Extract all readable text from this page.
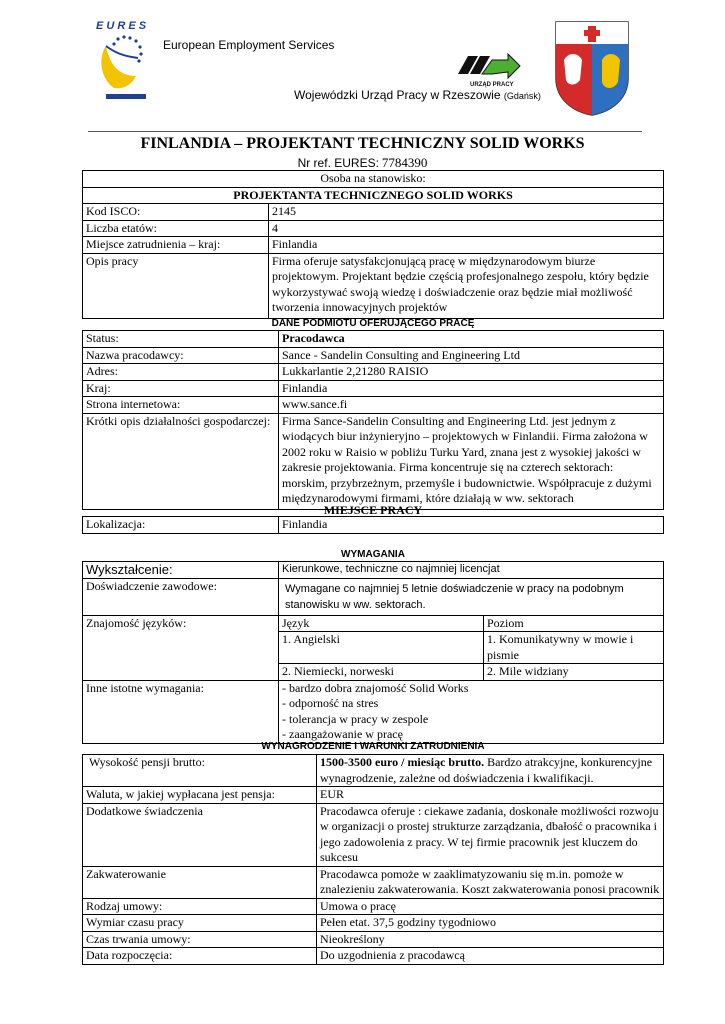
E U R E S
European Employment Services
URZĄD PRACY
Wojewódzki Urząd Pracy w Rzeszowie (Gdańsk)
FINLANDIA – PROJEKTANT TECHNICZNY SOLID WORKS
Nr ref. EURES: 7784390
Osoba na stanowisko:	
PROJEKTANTA TECHNICZNEGO SOLID WORKS	
Kod ISCO:	2145
Liczba etatów:	4
Miejsce zatrudnienia – kraj:	Finlandia
Opis pracy	Firma oferuje satysfakcjonującą pracę w międzynarodowym biurze projektowym. Projektant będzie częścią profesjonalnego zespołu, który będzie wykorzystywać swoją wiedzę i doświadczenie oraz będzie miał możliwość tworzenia innowacyjnych projektów
DANE PODMIOTU OFERUJĄCEGO PRACĘ
Status:	Pracodawca
Nazwa pracodawcy:	Sance - Sandelin Consulting and Engineering Ltd
Adres:	Lukkarlantie 2,21280 RAISIO
Kraj:	Finlandia
Strona internetowa:	www.sance.fi
Krótki opis działalności gospodarczej:	Firma Sance-Sandelin Consulting and Engineering Ltd. jest jednym z wiodących biur inżynieryjno – projektowych w Finlandii. Firma założona w 2002 roku w Raisio w pobliżu Turku Yard, znana jest z wysokiej jakości w zakresie projektowania. Firma koncentruje się na czterech sektorach: morskim, przybrzeżnym, przemyśle i budownictwie. Współpracuje z dużymi międzynarodowymi firmami, które działają w ww. sektorach
MIEJSCE PRACY
Lokalizacja:	Finlandia
WYMAGANIA
Wykształcenie:	Kierunkowe, techniczne co najmniej licencjat	
Doświadczenie zawodowe:	Wymagane co najmniej 5 letnie doświadczenie w pracy na podobnym stanowisku w ww. sektorach.	
Znajomość języków:	Język	Poziom
	1. Angielski	1. Komunikatywny w mowie i pismie
	2. Niemiecki, norweski	2. Mile widziany
Inne istotne wymagania:	- bardzo dobra znajomość Solid Works
- odporność na stres
- tolerancja w pracy w zespole
- zaangażowanie w pracę	
WYNAGRODZENIE I WARUNKI ZATRUDNIENIA
Wysokość pensji brutto:	1500-3500 euro / miesiąc brutto. Bardzo atrakcyjne, konkurencyjne wynagrodzenie, zależne od doświadczenia i kwalifikacji.
Waluta, w jakiej wypłacana jest pensja:	EUR
Dodatkowe świadczenia	Pracodawca oferuje : ciekawe zadania, doskonałe możliwości rozwoju w organizacji o prostej strukturze zarządzania, dbałość o pracownika i jego zadowolenia z pracy. W tej firmie pracownik jest kluczem do sukcesu
Zakwaterowanie	Pracodawca pomoże w zaaklimatyzowaniu się m.in. pomoże w znalezieniu zakwaterowania. Koszt zakwaterowania ponosi pracownik
Rodzaj umowy:	Umowa o pracę
Wymiar czasu pracy	Pełen etat. 37,5 godziny tygodniowo
Czas trwania umowy:	Nieokreślony
Data rozpoczęcia:	Do uzgodnienia z pracodawcą
